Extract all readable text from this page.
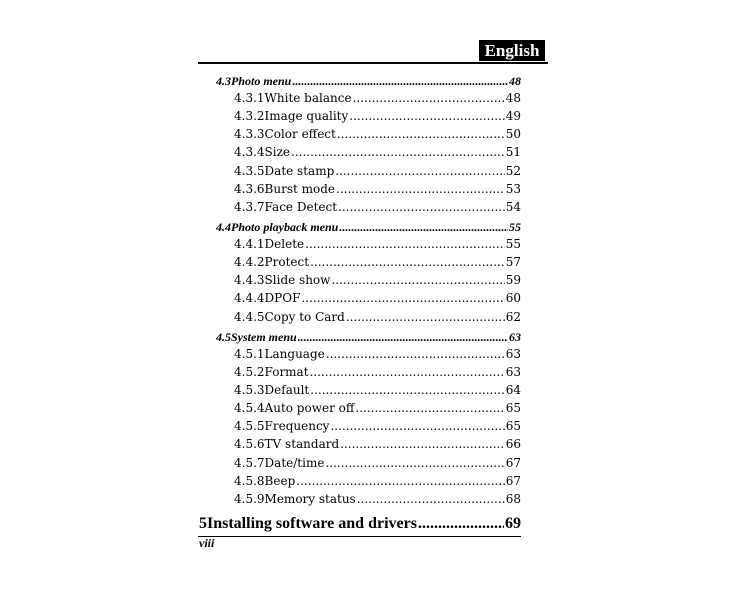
English
4.3 Photo menu .....	48
4.3.1 White balance .....	48
4.3.2 Image quality .....	49
4.3.3 Color effect .....	50
4.3.4 Size .....	51
4.3.5 Date stamp .....	52
4.3.6 Burst mode .....	53
4.3.7 Face Detect .....	54
4.4 Photo playback menu .....	55
4.4.1 Delete .....	55
4.4.2 Protect .....	57
4.4.3 Slide show .....	59
4.4.4 DPOF .....	60
4.4.5 Copy to Card .....	62
4.5 System menu .....	63
4.5.1 Language .....	63
4.5.2 Format .....	63
4.5.3 Default .....	64
4.5.4 Auto power off .....	65
4.5.5 Frequency .....	65
4.5.6 TV standard .....	66
4.5.7 Date/time .....	67
4.5.8 Beep .....	67
4.5.9 Memory status .....	68
5 Installing software and drivers .....	69
viii
